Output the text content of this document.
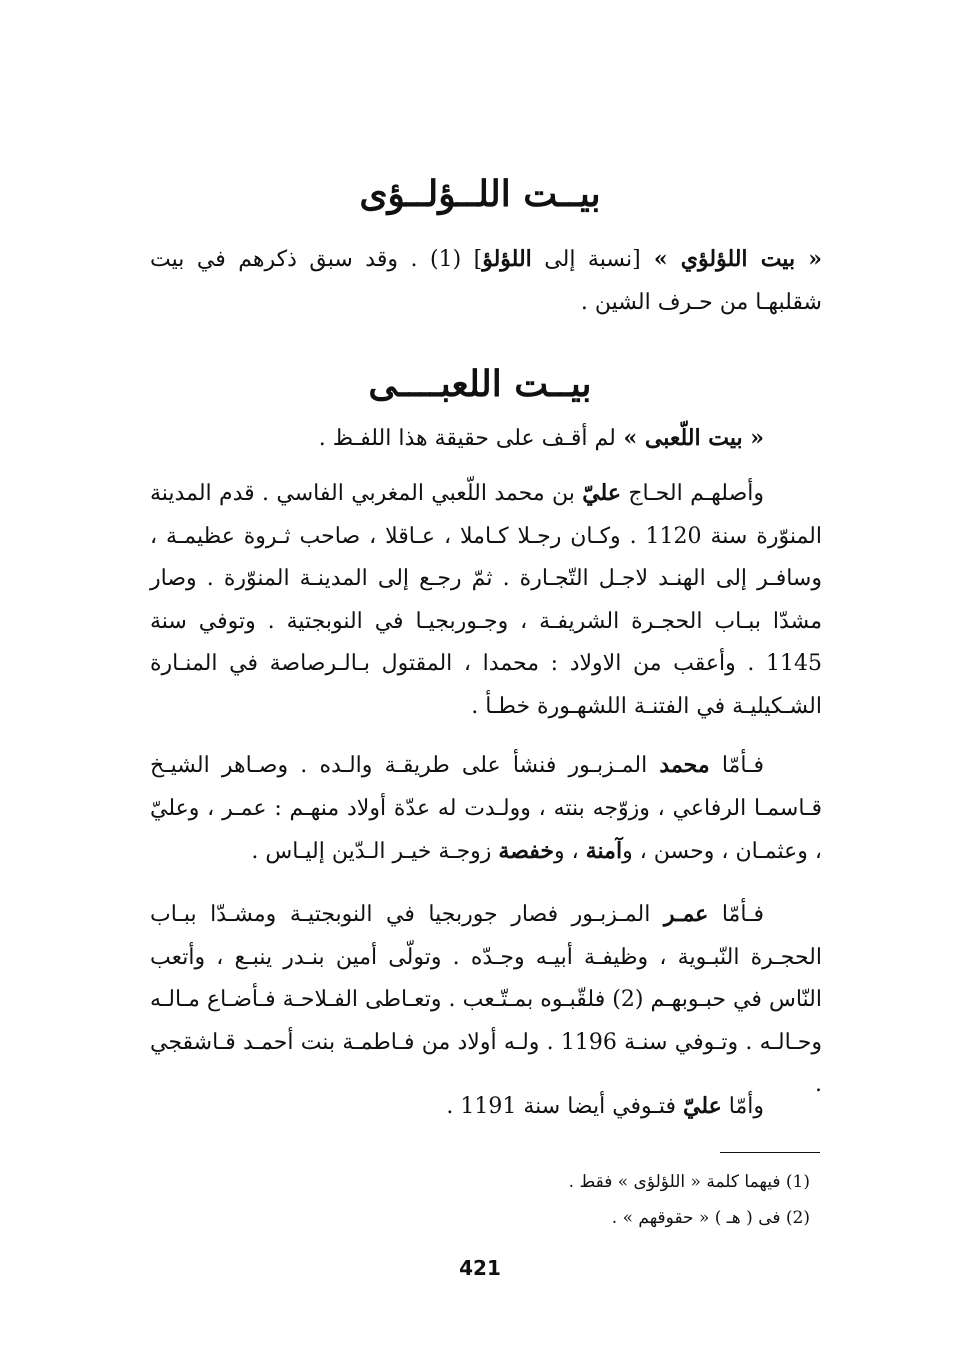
بيــت اللــؤلــؤى

« بيت اللؤلؤي » [نسبة إلى اللؤلؤ] (1) . وقد سبق ذكرهم في بيت شقلبهـا من حـرف الشين .

بيــت اللعبــــى

« بيت اللّعبى » لم أقـف على حقيقة هذا اللفـظ .

وأصلهـم الحـاج عليّ بن محمد اللّعبي المغربي الفاسي . قدم المدينة المنوّرة سنة 1120 . وكـان رجـلا كـاملا ، عـاقلا ، صاحب ثـروة عظيمـة ، وسافـر إلى الهنـد لاجـل التّجـارة . ثمّ رجـع إلى المدينـة المنوّرة . وصار مشدّا ببـاب الحجـرة الشريفـة ، وجـوربجيـا في النوبجتية . وتوفي سنة 1145 . وأعقب من الاولاد : محمدا ، المقتول بـالـرصاصة في المنـارة الشـكيليـة في الفتنـة اللشهـورة خطـأ .

فـأمّا محمد المـزبـور فنشأ على طريقـة والـده . وصـاهر الشيـخ قـاسمـا الرفاعي ، وزوّجه بنته ، وولـدت له عدّة أولاد منهـم : عمـر ، وعليّ ، وعثمـان ، وحسن ، وآمنة ، وخفصة زوجـة خيـر الـدّين إليـاس .

فـأمّا عمـر المـزبـور فصار جوربجيا في النوبجتيـة ومشـدّا ببـاب الحجـرة النّبـوية ، وظيفـة أبيـه وجـدّه . وتولّى أمين بنـدر ينبـع ، وأتعب النّاس في حبـوبهـم (2) فلقّبـوه بمـتّـعب . وتعـاطى الفـلاحـة فـأضـاع مـالـه وحـالـه . وتـوفي سنـة 1196 . ولـه أولاد من فـاطمـة بنت أحمـد قـاشقجي .

وأمّا عليّ فتـوفي أيضا سنة 1191 .

(1) فيهما كلمة « اللؤلؤى » فقط .

(2) فى ( هـ ) « حقوقهم » .

421
